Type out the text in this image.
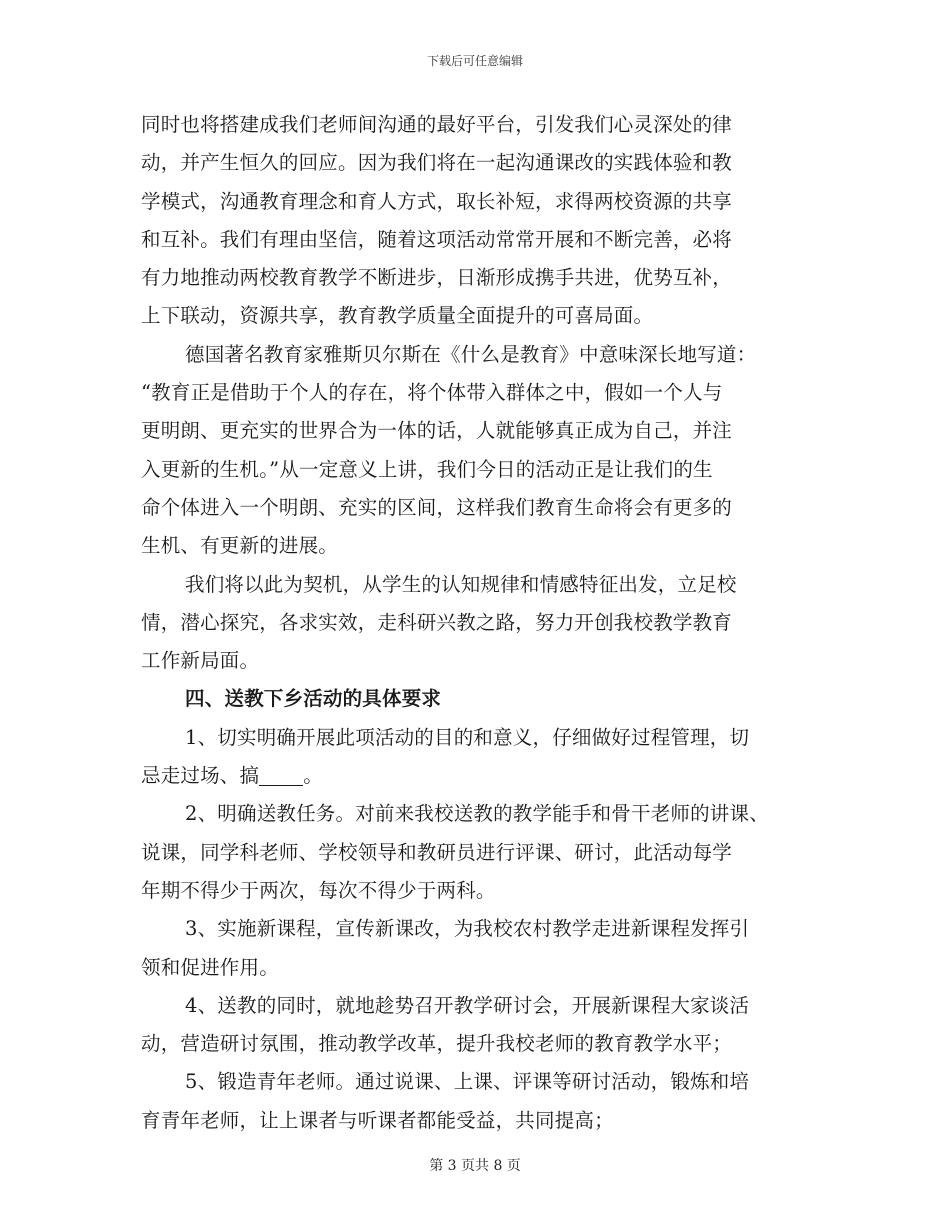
下载后可任意编辑
同时也将搭建成我们老师间沟通的最好平台，引发我们心灵深处的律
动，并产生恒久的回应。因为我们将在一起沟通课改的实践体验和教
学模式，沟通教育理念和育人方式，取长补短，求得两校资源的共享
和互补。我们有理由坚信，随着这项活动常常开展和不断完善，必将
有力地推动两校教育教学不断进步，日渐形成携手共进，优势互补，
上下联动，资源共享，教育教学质量全面提升的可喜局面。
德国著名教育家雅斯贝尔斯在《什么是教育》中意味深长地写道：
“教育正是借助于个人的存在，将个体带入群体之中，假如一个人与
更明朗、更充实的世界合为一体的话，人就能够真正成为自己，并注
入更新的生机。”从一定意义上讲，我们今日的活动正是让我们的生
命个体进入一个明朗、充实的区间，这样我们教育生命将会有更多的
生机、有更新的进展。
我们将以此为契机，从学生的认知规律和情感特征出发，立足校
情，潜心探究，各求实效，走科研兴教之路，努力开创我校教学教育
工作新局面。
四、送教下乡活动的具体要求
1、切实明确开展此项活动的目的和意义，仔细做好过程管理，切
忌走过场、搞 。
2、明确送教任务。对前来我校送教的教学能手和骨干老师的讲课、
说课，同学科老师、学校领导和教研员进行评课、研讨，此活动每学
年期不得少于两次，每次不得少于两科。
3、实施新课程，宣传新课改，为我校农村教学走进新课程发挥引
领和促进作用。
4、送教的同时，就地趁势召开教学研讨会，开展新课程大家谈活
动，营造研讨氛围，推动教学改革，提升我校老师的教育教学水平；
5、锻造青年老师。通过说课、上课、评课等研讨活动，锻炼和培
育青年老师，让上课者与听课者都能受益，共同提高；
第 3 页共 8 页
